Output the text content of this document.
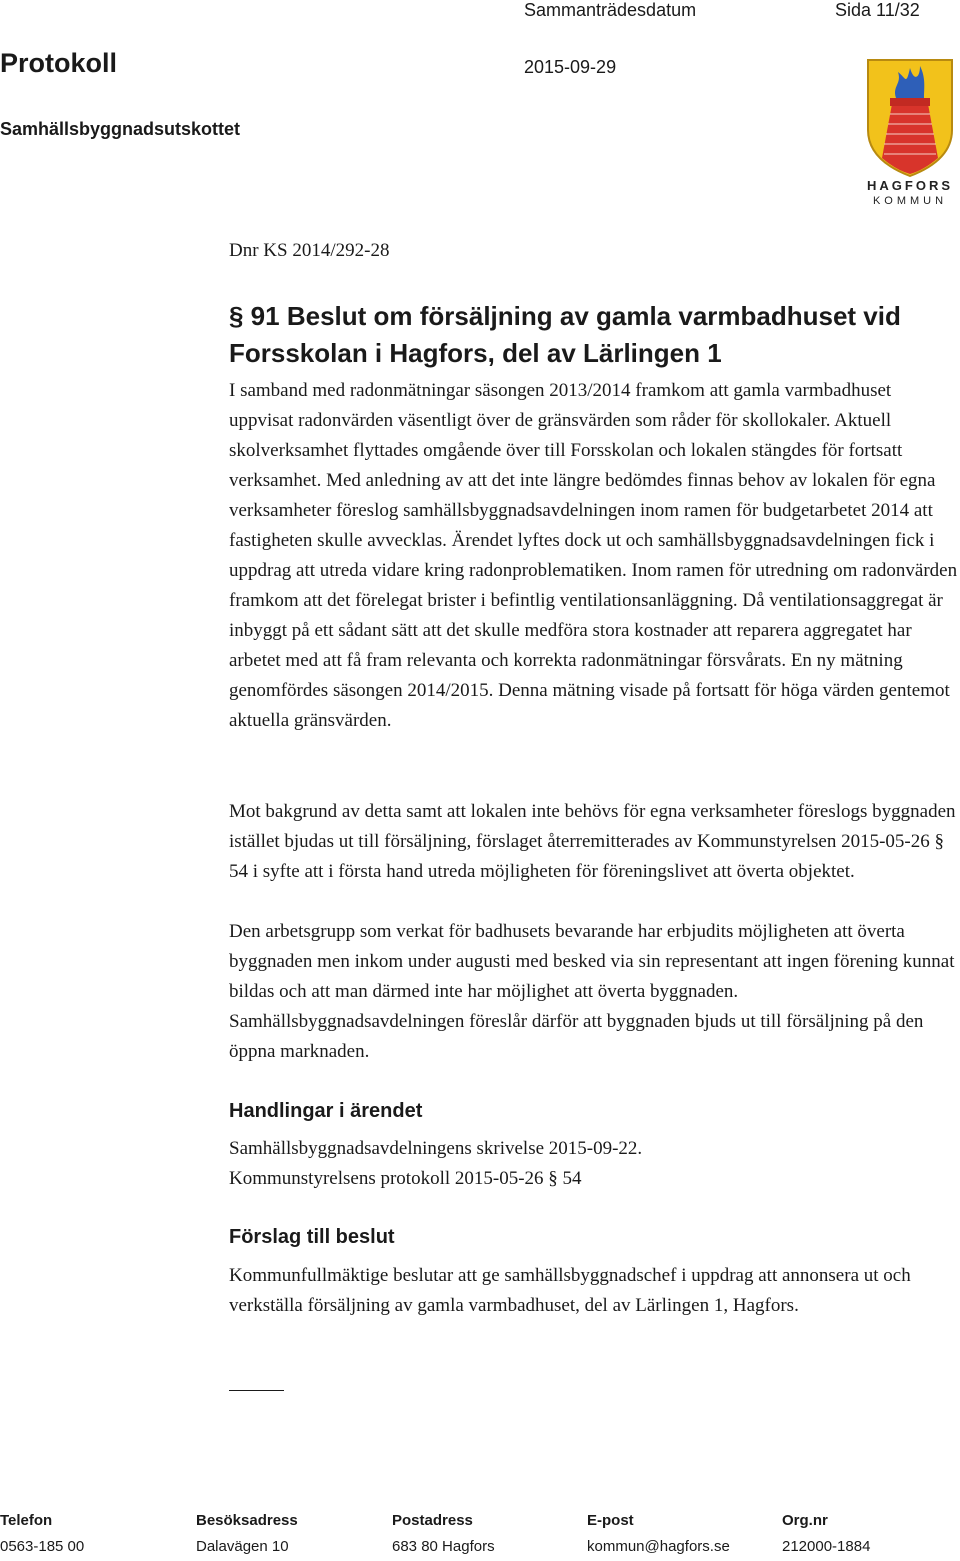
Sammanträdesdatum	Sida 11/32
Protokoll	2015-09-29
Samhällsbyggnadsutskottet
HAGFORS
KOMMUN
Dnr KS 2014/292-28
§ 91 Beslut om försäljning av gamla varmbadhuset vid Forsskolan i Hagfors, del av Lärlingen 1
I samband med radonmätningar säsongen 2013/2014 framkom att gamla varmbadhuset uppvisat radonvärden väsentligt över de gränsvärden som råder för skollokaler. Aktuell skolverksamhet flyttades omgående över till Forsskolan och lokalen stängdes för fortsatt verksamhet. Med anledning av att det inte längre bedömdes finnas behov av lokalen för egna verksamheter föreslog samhällsbyggnadsavdelningen inom ramen för budgetarbetet 2014 att fastigheten skulle avvecklas. Ärendet lyftes dock ut och samhällsbyggnadsavdelningen fick i uppdrag att utreda vidare kring radonproblematiken. Inom ramen för utredning om radonvärden framkom att det förelegat brister i befintlig ventilationsanläggning. Då ventilationsaggregat är inbyggt på ett sådant sätt att det skulle medföra stora kostnader att reparera aggregatet har arbetet med att få fram relevanta och korrekta radonmätningar försvårats. En ny mätning genomfördes säsongen 2014/2015. Denna mätning visade på fortsatt för höga värden gentemot aktuella gränsvärden.
Mot bakgrund av detta samt att lokalen inte behövs för egna verksamheter föreslogs byggnaden istället bjudas ut till försäljning, förslaget återremitterades av Kommunstyrelsen 2015-05-26 § 54 i syfte att i första hand utreda möjligheten för föreningslivet att överta objektet.
Den arbetsgrupp som verkat för badhusets bevarande har erbjudits möjligheten att överta byggnaden men inkom under augusti med besked via sin representant att ingen förening kunnat bildas och att man därmed inte har möjlighet att överta byggnaden. Samhällsbyggnadsavdelningen föreslår därför att byggnaden bjuds ut till försäljning på den öppna marknaden.
Handlingar i ärendet
Samhällsbyggnadsavdelningens skrivelse 2015-09-22.
Kommunstyrelsens protokoll 2015-05-26 § 54
Förslag till beslut
Kommunfullmäktige beslutar att ge samhällsbyggnadschef i uppdrag att annonsera ut och verkställa försäljning av gamla varmbadhuset, del av Lärlingen 1, Hagfors.
Telefon	Besöksadress	Postadress	E-post	Org.nr
0563-185 00	Dalavägen 10	683 80 Hagfors	kommun@hagfors.se	212000-1884
